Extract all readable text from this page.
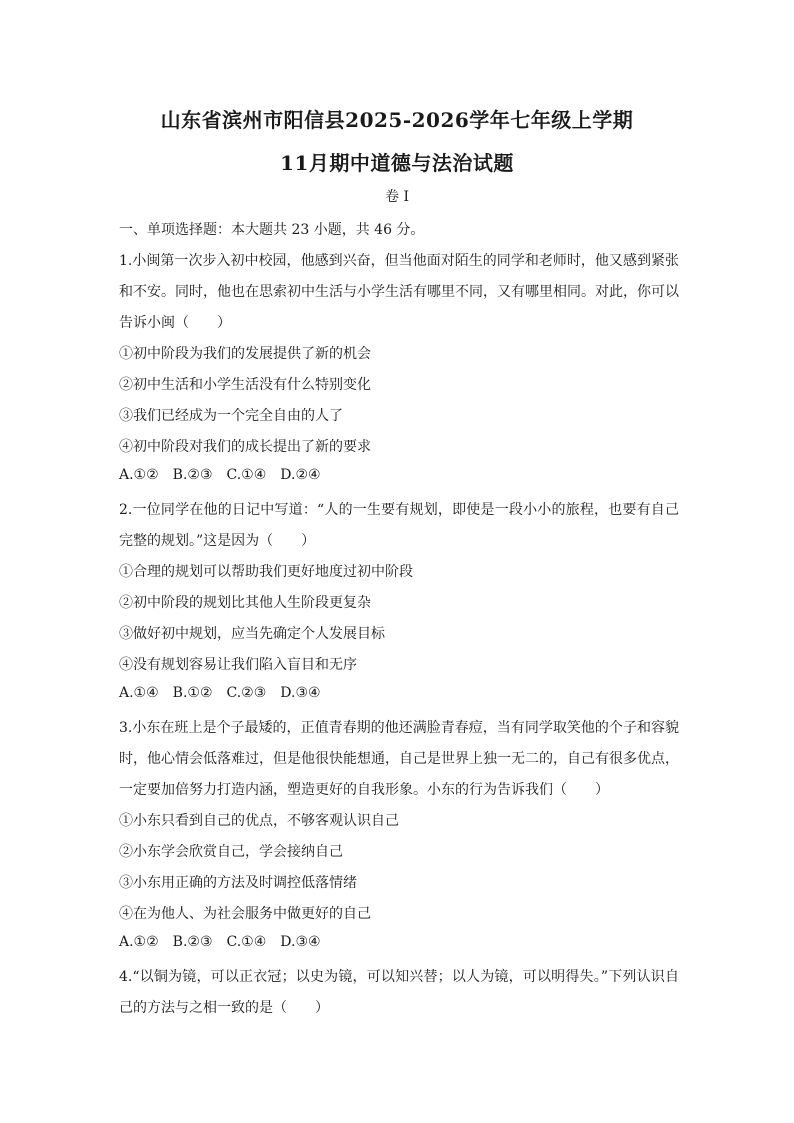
山东省滨州市阳信县2025-2026学年七年级上学期
11月期中道德与法治试题
卷 I
一、单项选择题：本大题共 23 小题，共 46 分。
1.小闽第一次步入初中校园，他感到兴奋，但当他面对陌生的同学和老师时，他又感到紧张
和不安。同时，他也在思索初中生活与小学生活有哪里不同，又有哪里相同。对此，你可以
告诉小闽（　　）
①初中阶段为我们的发展提供了新的机会
②初中生活和小学生活没有什么特别变化
③我们已经成为一个完全自由的人了
④初中阶段对我们的成长提出了新的要求
A.①② B.②③ C.①④ D.②④
2.一位同学在他的日记中写道：“人的一生要有规划，即使是一段小小的旅程，也要有自己
完整的规划。”这是因为（　　）
①合理的规划可以帮助我们更好地度过初中阶段
②初中阶段的规划比其他人生阶段更复杂
③做好初中规划，应当先确定个人发展目标
④没有规划容易让我们陷入盲目和无序
A.①④ B.①② C.②③ D.③④
3.小东在班上是个子最矮的，正值青春期的他还满脸青春痘，当有同学取笑他的个子和容貌
时，他心情会低落难过，但是他很快能想通，自己是世界上独一无二的，自己有很多优点，
一定要加倍努力打造内涵，塑造更好的自我形象。小东的行为告诉我们（　　）
①小东只看到自己的优点，不够客观认识自己
②小东学会欣赏自己，学会接纳自己
③小东用正确的方法及时调控低落情绪
④在为他人、为社会服务中做更好的自己
A.①② B.②③ C.①④ D.③④
4.“以铜为镜，可以正衣冠；以史为镜，可以知兴替；以人为镜，可以明得失。”下列认识自
己的方法与之相一致的是（　　）
